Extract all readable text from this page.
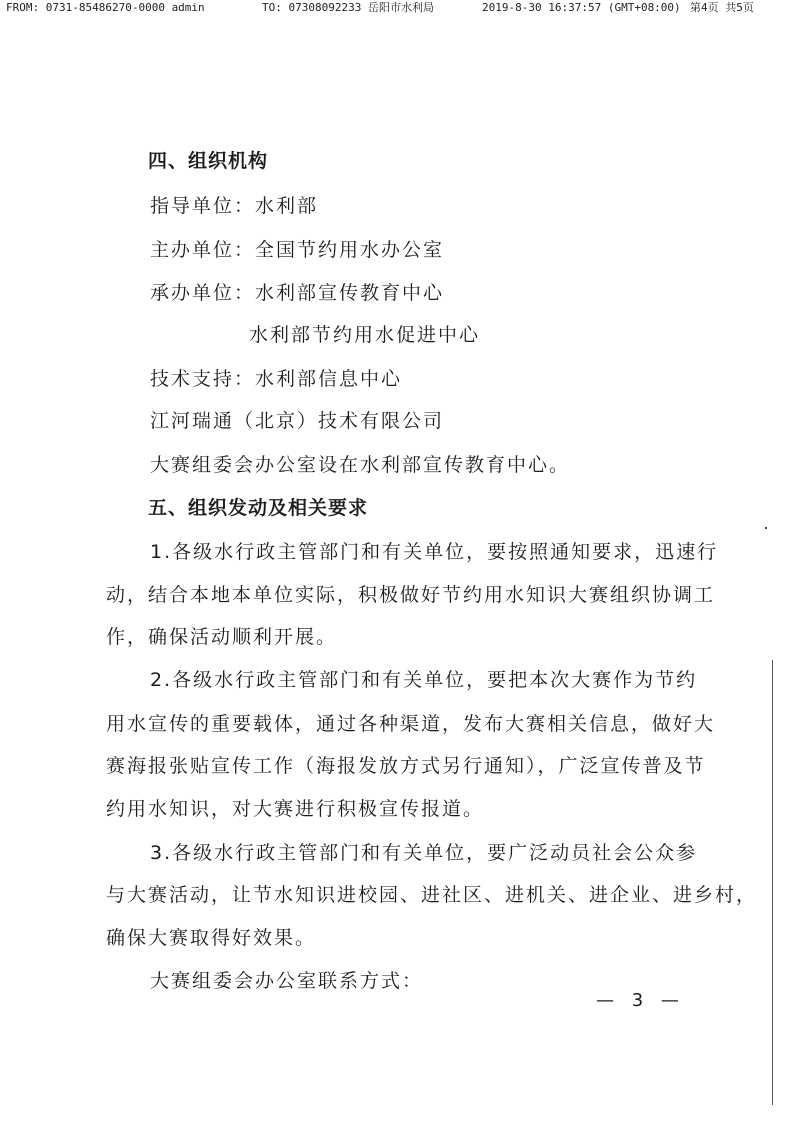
FROM: 0731-85486270-0000 admin	TO: 07308092233 岳阳市水利局	2019-8-30 16:37:57 (GMT+08:00) 第4页 共5页
四、组织机构
指导单位：水利部
主办单位：全国节约用水办公室
承办单位：水利部宣传教育中心
水利部节约用水促进中心
技术支持：水利部信息中心
江河瑞通（北京）技术有限公司
大赛组委会办公室设在水利部宣传教育中心。
五、组织发动及相关要求
1.各级水行政主管部门和有关单位，要按照通知要求，迅速行
动，结合本地本单位实际，积极做好节约用水知识大赛组织协调工
作，确保活动顺利开展。
2.各级水行政主管部门和有关单位，要把本次大赛作为节约
用水宣传的重要载体，通过各种渠道，发布大赛相关信息，做好大
赛海报张贴宣传工作（海报发放方式另行通知），广泛宣传普及节
约用水知识，对大赛进行积极宣传报道。
3.各级水行政主管部门和有关单位，要广泛动员社会公众参
与大赛活动，让节水知识进校园、进社区、进机关、进企业、进乡村，
确保大赛取得好效果。
大赛组委会办公室联系方式：
— 3 —
